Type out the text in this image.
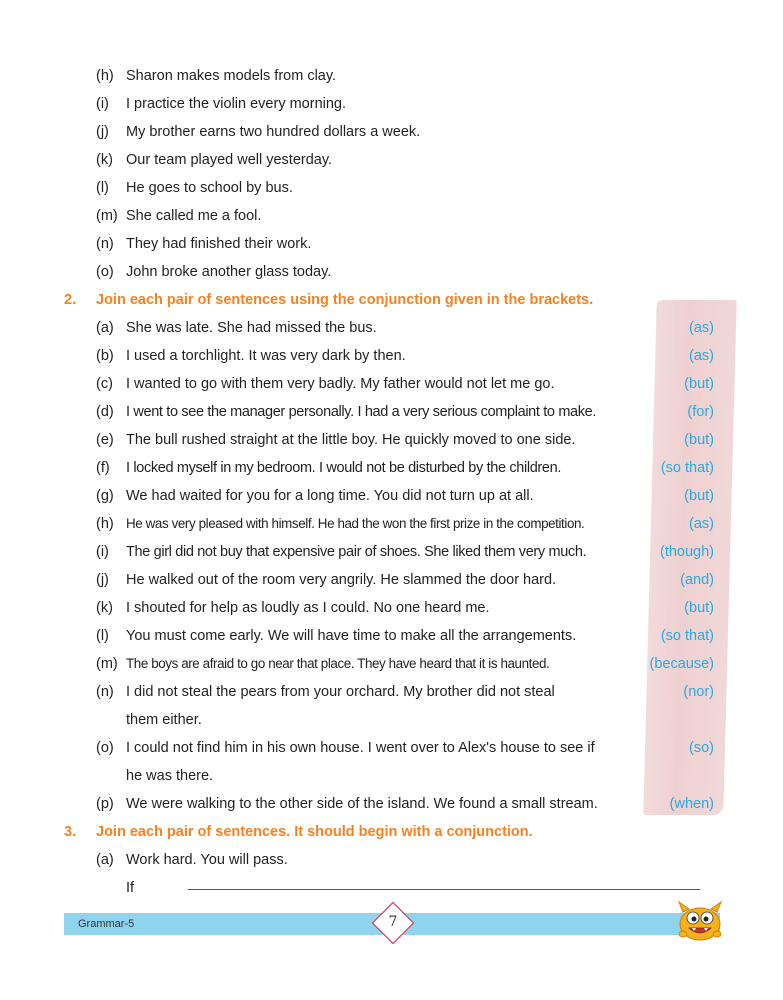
(h) Sharon makes models from clay.
(i) I practice the violin every morning.
(j) My brother earns two hundred dollars a week.
(k) Our team played well yesterday.
(l) He goes to school by bus.
(m) She called me a fool.
(n) They had finished their work.
(o) John broke another glass today.
2. Join each pair of sentences using the conjunction given in the brackets.
(a) She was late. She had missed the bus.	(as)
(b) I used a torchlight. It was very dark by then.	(as)
(c) I wanted to go with them very badly. My father would not let me go.	(but)
(d) I went to see the manager personally. I had a very serious complaint to make.	(for)
(e) The bull rushed straight at the little boy. He quickly moved to one side.	(but)
(f) I locked myself in my bedroom. I would not be disturbed by the children.	(so that)
(g) We had waited for you for a long time. You did not turn up at all.	(but)
(h) He was very pleased with himself. He had the won the first prize in the competition.	(as)
(i) The girl did not buy that expensive pair of shoes. She liked them very much.	(though)
(j) He walked out of the room very angrily. He slammed the door hard.	(and)
(k) I shouted for help as loudly as I could. No one heard me.	(but)
(l) You must come early. We will have time to make all the arrangements.	(so that)
(m) The boys are afraid to go near that place. They have heard that it is haunted.	(because)
(n) I did not steal the pears from your orchard. My brother did not steal
them either.
(nor)
(o) I could not find him in his own house. I went over to Alex's house to see if
he was there.
(so)
(p) We were walking to the other side of the island. We found a small stream.	(when)
3. Join each pair of sentences. It should begin with a conjunction.
(a) Work hard. You will pass.
If
Grammar-5	7
